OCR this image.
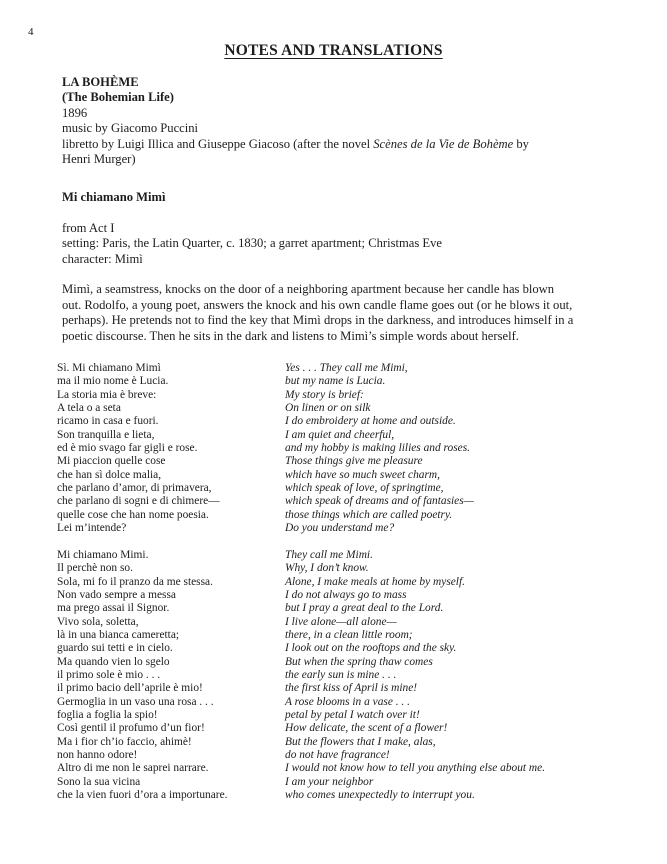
4
NOTES AND TRANSLATIONS
LA BOHÈME
(The Bohemian Life)
1896
music by Giacomo Puccini
libretto by Luigi Illica and Giuseppe Giacoso (after the novel Scènes de la Vie de Bohème by
Henri Murger)
Mi chiamano Mimì
from Act I
setting: Paris, the Latin Quarter, c. 1830; a garret apartment; Christmas Eve
character: Mimì
Mimì, a seamstress, knocks on the door of a neighboring apartment because her candle has blown
out. Rodolfo, a young poet, answers the knock and his own candle flame goes out (or he blows it out,
perhaps). He pretends not to find the key that Mimì drops in the darkness, and introduces himself in a
poetic discourse. Then he sits in the dark and listens to Mimì’s simple words about herself.
Sì. Mi chiamano Mimì
ma il mio nome è Lucia.
La storia mia è breve:
A tela o a seta
ricamo in casa e fuori.
Son tranquilla e lieta,
ed è mio svago far gigli e rose.
Mi piaccion quelle cose
che han sì dolce malia,
che parlano d’amor, di primavera,
che parlano di sogni e di chimere—
quelle cose che han nome poesia.
Lei m’intende?
Mi chiamano Mimi.
Il perchè non so.
Sola, mi fo il pranzo da me stessa.
Non vado sempre a messa
ma prego assai il Signor.
Vivo sola, soletta,
là in una bianca cameretta;
guardo sui tetti e in cielo.
Ma quando vien lo sgelo
il primo sole è mio . . .
il primo bacio dell’aprile è mio!
Germoglia in un vaso una rosa . . .
foglia a foglia la spio!
Così gentil il profumo d’un fior!
Ma i fior ch’io faccio, ahimè!
non hanno odore!
Altro di me non le saprei narrare.
Sono la sua vicina
che la vien fuori d’ora a importunare.
Yes . . . They call me Mimi,
but my name is Lucia.
My story is brief:
On linen or on silk
I do embroidery at home and outside.
I am quiet and cheerful,
and my hobby is making lilies and roses.
Those things give me pleasure
which have so much sweet charm,
which speak of love, of springtime,
which speak of dreams and of fantasies—
those things which are called poetry.
Do you understand me?
They call me Mimi.
Why, I don’t know.
Alone, I make meals at home by myself.
I do not always go to mass
but I pray a great deal to the Lord.
I live alone—all alone—
there, in a clean little room;
I look out on the rooftops and the sky.
But when the spring thaw comes
the early sun is mine . . .
the first kiss of April is mine!
A rose blooms in a vase . . .
petal by petal I watch over it!
How delicate, the scent of a flower!
But the flowers that I make, alas,
do not have fragrance!
I would not know how to tell you anything else about me.
I am your neighbor
who comes unexpectedly to interrupt you.
